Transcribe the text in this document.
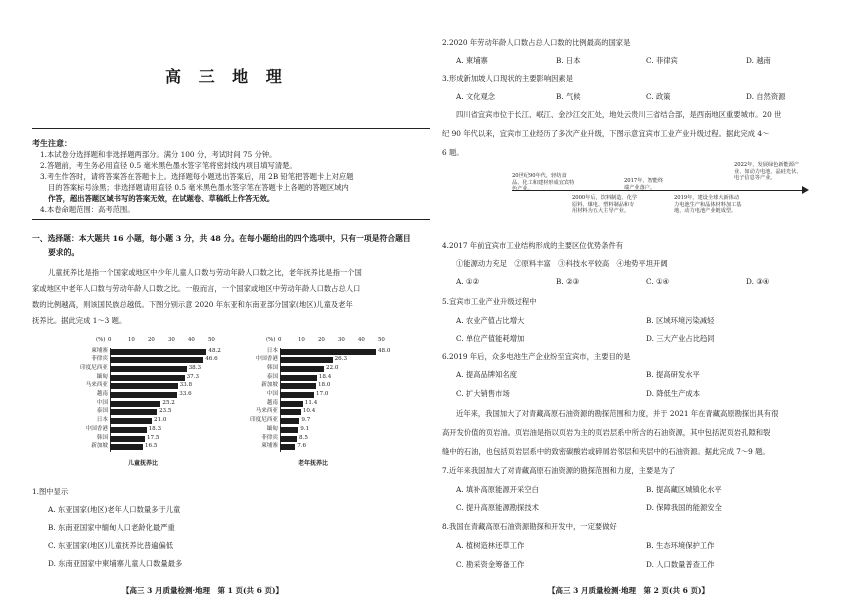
高 三 地 理
考生注意：
1.本试卷分选择题和非选择题两部分。满分 100 分，考试时间 75 分钟。
2.答题前，考生务必用直径 0.5 毫米黑色墨水签字笔将密封线内项目填写清楚。
3.考生作答时，请将答案答在答题卡上。选择题每小题选出答案后，用 2B 铅笔把答题卡上对应题
目的答案标号涂黑；非选择题请用直径 0.5 毫米黑色墨水签字笔在答题卡上各题的答题区域内
作答，超出答题区域书写的答案无效，在试题卷、草稿纸上作答无效。
4.本卷命题范围：高考范围。
一、选择题：本大题共 16 小题，每小题 3 分，共 48 分。在每小题给出的四个选项中，只有一项是符合题目
要求的。
儿童抚养比是指一个国家或地区中少年儿童人口数与劳动年龄人口数之比，老年抚养比是指一个国
家或地区中老年人口数与劳动年龄人口数之比。一般而言，一个国家或地区中劳动年龄人口数占总人口
数的比例越高，则该国民族总越低。下图分别示意 2020 年东亚和东南亚部分国家(地区)儿童及老年
抚养比。据此完成 1～3 题。
(%) 0	10 20 30 40 50
柬埔寨	48.2
菲律宾	46.6
印度尼西亚	38.3
缅甸	37.3
马来西亚	33.8
越南	33.6
中国	25.2
泰国	23.5
日本	21.0
中国香港	18.3
韩国	17.5
新加坡	16.5
儿童抚养比
(%) 0	10 20 30 40 50
日本	48.0
中国香港	26.3
韩国	22.0
泰国	18.4
新加坡	18.0
中国	17.0
越南	11.4
马来西亚	10.4
印度尼西亚	9.7
缅甸	9.1
菲律宾	8.5
柬埔寨	7.6
老年抚养比
1.图中显示
A. 东亚国家(地区)老年人口数量多于儿童
B. 东南亚国家中缅甸人口老龄化最严重
C. 东亚国家(地区)儿童抚养比普遍偏低
D. 东南亚国家中柬埔寨儿童人口数量最多
【高三 3 月质量检测·地理　第 1 页(共 6 页)】
2.2020 年劳动年龄人口数占总人口数的比例最高的国家是
A. 柬埔寨	B. 日本	C. 菲律宾	D. 越南
3.形成新加坡人口现状的主要影响因素是
A. 文化观念	B. 气候	C. 政策	D. 自然资源
四川省宜宾市位于长江、岷江、金沙江交汇处，地处云贵川三省结合部，是西南地区重要城市。20 世
纪 90 年代以来，宜宾市工业经历了多次产业升级，下图示意宜宾市工业产业升级过程。据此完成 4～
6 题。
20世纪90年代，轻纺食品、化工和建材形成宜宾特色产业。
2000年后，饮料制造、化学原料、煤电、塑料制品和专用材料为五大主导产业。
2017年，智能终端产业落户。
2019年，建设全球大新体动力电池生产和晶体材料加工基地，动力电池产业链成型。
2022年，发展绿色新能源产业，如动力电池、晶硅光伏、电子信息等产业。
4.2017 年前宜宾市工业结构形成的主要区位优势条件有
①能源动力充足　②原料丰富　③科技水平较高　④地势平坦开阔
A. ①②	B. ②③	C. ①④	D. ③④
5.宜宾市工业产业升级过程中
A. 农业产值占比增大	B. 区域环境污染减轻
C. 单位产值能耗增加	D. 三大产业占比趋同
6.2019 年后，众多电池生产企业纷至宜宾市，主要目的是
A. 提高品牌知名度	B. 提高研发水平
C. 扩大销售市场	D. 降低生产成本
近年来，我国加大了对青藏高原石油资源的勘探范围和力度，并于 2021 年在青藏高原勘探出具有很
高开发价值的页岩油。页岩油是指以页岩为主的页岩层系中所含的石油资源，其中包括泥页岩孔隙和裂
缝中的石油，也包括页岩层系中的致密碳酸岩或碎屑岩邻层和夹层中的石油资源。据此完成 7～9 题。
7.近年来我国加大了对青藏高原石油资源的勘探范围和力度，主要是为了
A. 填补高原能源开采空白	B. 提高藏区城镇化水平
C. 提升高原能源勘探技术	D. 保障我国的能源安全
8.我国在青藏高原石油资源勘探和开发中，一定要做好
A. 植树造林还草工作	B. 生态环境保护工作
C. 勘采资金筹备工作	D. 人口数量普查工作
【高三 3 月质量检测·地理　第 2 页(共 6 页)】
